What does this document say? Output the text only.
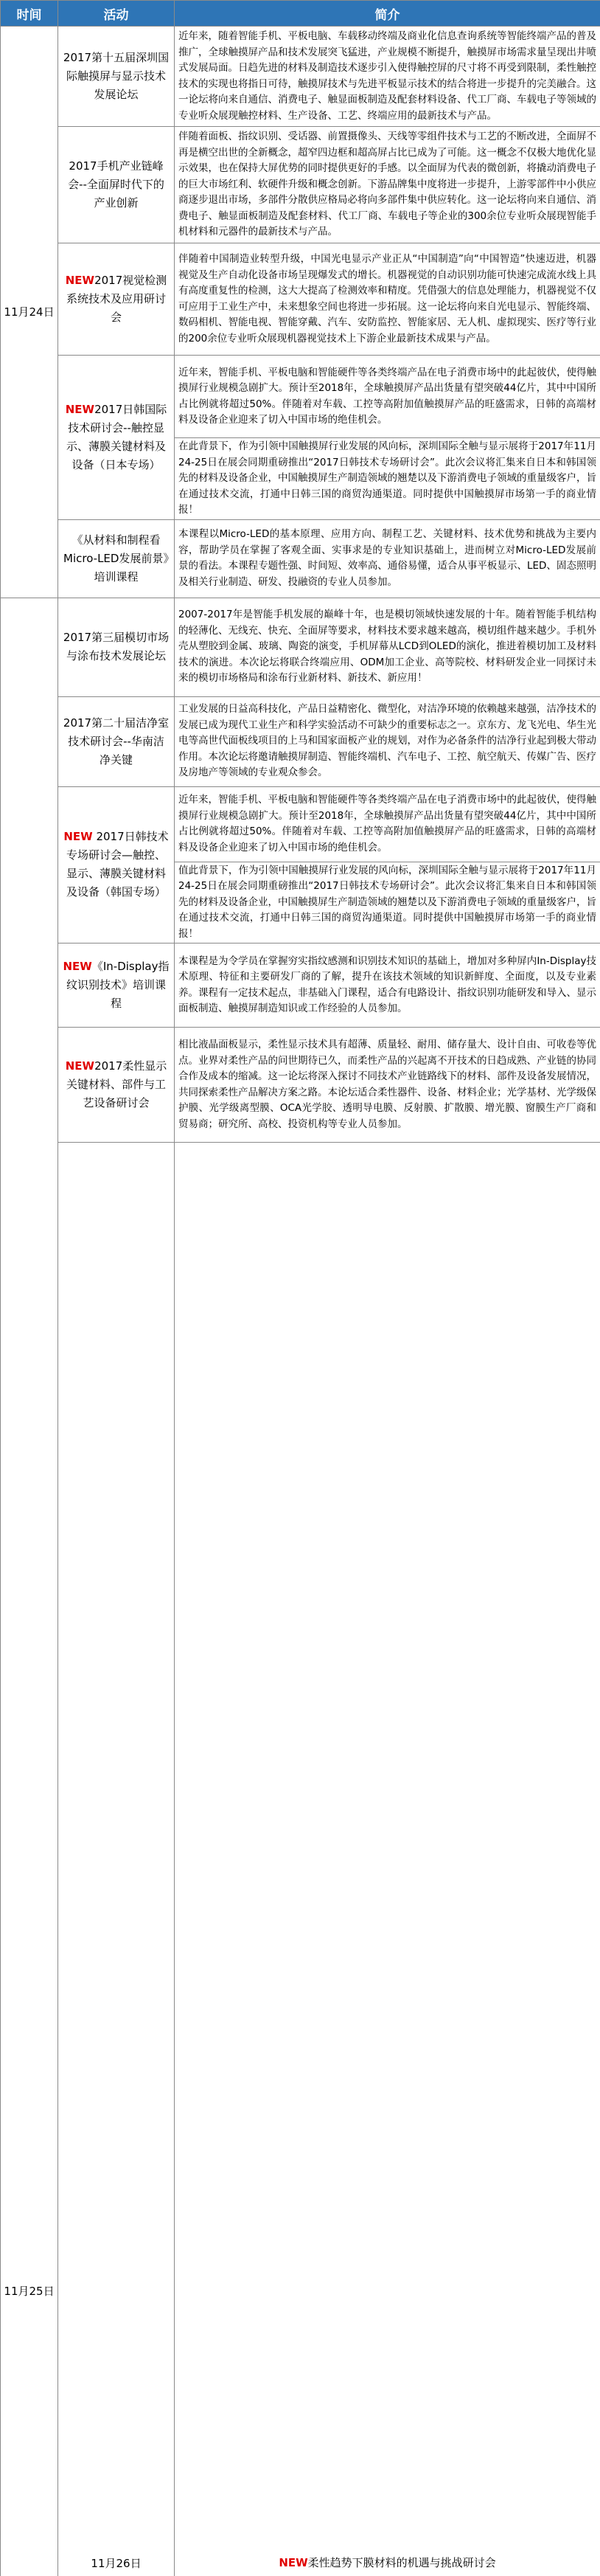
时间	活动	简介	
11月24日	2017第十五届深圳国际触摸屏与显示技术发展论坛	近年来，随着智能手机、平板电脑、车载移动终端及商业化信息查询系统等智能终端产品的普及推广，全球触摸屏产品和技术发展突飞猛进，产业规模不断提升，触摸屏市场需求量呈现出井喷式发展局面。日趋先进的材料及制造技术逐步引入使得触控屏的尺寸将不再受到限制，柔性触控技术的实现也将指日可待，触摸屏技术与先进平板显示技术的结合将进一步提升的完美融合。这一论坛将向来自通信、消费电子、触显面板制造及配套材料设备、代工厂商、车载电子等领域的专业听众展现触控材料、生产设备、工艺、终端应用的最新技术与产品。	

	2017手机产业链峰会--全面屏时代下的产业创新	伴随着面板、指纹识别、受话器、前置摄像头、天线等零组件技术与工艺的不断改进，全面屏不再是横空出世的全新概念，超窄四边框和超高屏占比已成为了可能。这一概念不仅极大地优化显示效果，也在保持大屏优势的同时提供更好的手感。以全面屏为代表的微创新，将撬动消费电子的巨大市场红利、软硬件升级和概念创新。下游品牌集中度将进一步提升，上游零部件中小供应商逐步退出市场，多部件分散供应格局必将向多部件集中供应转化。这一论坛将向来自通信、消费电子、触显面板制造及配套材料、代工厂商、车载电子等企业的300余位专业听众展现智能手机材料和元器件的最新技术与产品。	

	NEW2017视觉检测系统技术及应用研讨会	伴随着中国制造业转型升级，中国光电显示产业正从“中国制造”向“中国智造”快速迈进，机器视觉及生产自动化设备市场呈现爆发式的增长。机器视觉的自动识别功能可快速完成流水线上具有高度重复性的检测，这大大提高了检测效率和精度。凭借强大的信息处理能力，机器视觉不仅可应用于工业生产中，未来想象空间也将进一步拓展。这一论坛将向来自光电显示、智能终端、数码相机、智能电视、智能穿戴、汽车、安防监控、智能家居、无人机、虚拟现实、医疗等行业的200余位专业听众展现机器视觉技术上下游企业最新技术成果与产品。	

	NEW2017日韩国际技术研讨会--触控显示、薄膜关键材料及设备（日本专场）	近年来，智能手机、平板电脑和智能硬件等各类终端产品在电子消费市场中的此起彼伏，使得触摸屏行业规模急剧扩大。预计至2018年，全球触摸屏产品出货量有望突破44亿片，其中中国所占比例就将超过50%。伴随着对车载、工控等高附加值触摸屏产品的旺盛需求，日韩的高端材料及设备企业迎来了切入中国市场的绝佳机会。	

		在此背景下，作为引领中国触摸屏行业发展的风向标，深圳国际全触与显示展将于2017年11月24-25日在展会同期重磅推出“2017日韩技术专场研讨会”。此次会议将汇集来自日本和韩国领先的材料及设备企业，中国触摸屏生产制造领域的翘楚以及下游消费电子领域的重量级客户，旨在通过技术交流，打通中日韩三国的商贸沟通渠道。同时提供中国触摸屏市场第一手的商业情报！	

	《从材料和制程看Micro-LED发展前景》培训课程	本课程以Micro-LED的基本原理、应用方向、制程工艺、关键材料、技术优势和挑战为主要内容，帮助学员在掌握了客观全面、实事求是的专业知识基础上，进而树立对Micro-LED发展前景的看法。本课程专题性强、时间短、效率高、通俗易懂，适合从事平板显示、LED、固态照明及相关行业制造、研发、投融资的专业人员参加。	

11月25日	2017第三届模切市场与涂布技术发展论坛	2007-2017年是智能手机发展的巅峰十年，也是模切领域快速发展的十年。随着智能手机结构的轻薄化、无线充、快充、全面屏等要求，材料技术要求越来越高，模切组件越来越少。手机外壳从塑胶到金属、玻璃、陶瓷的演变，手机屏幕从LCD到OLED的演化，推进着模切加工及材料技术的演进。本次论坛将联合终端应用、ODM加工企业、高等院校、材料研发企业一同探讨未来的模切市场格局和涂布行业新材料、新技术、新应用！	

	2017第二十届洁净室技术研讨会--华南洁净关键	工业发展的日益高科技化，产品日益精密化、微型化，对洁净环境的依赖越来越强，洁净技术的发展已成为现代工业生产和科学实验活动不可缺少的重要标志之一。京东方、龙飞光电、华生光电等高世代面板线项目的上马和国家面板产业的规划，对作为必备条件的洁净行业起到极大带动作用。本次论坛将邀请触摸屏制造、智能终端机、汽车电子、工控、航空航天、传媒广告、医疗及房地产等领域的专业观众参会。	

	NEW 2017日韩技术专场研讨会—触控、显示、薄膜关键材料及设备（韩国专场）	近年来，智能手机、平板电脑和智能硬件等各类终端产品在电子消费市场中的此起彼伏，使得触摸屏行业规模急剧扩大。预计至2018年，全球触摸屏产品出货量有望突破44亿片，其中中国所占比例就将超过50%。伴随着对车载、工控等高附加值触摸屏产品的旺盛需求，日韩的高端材料及设备企业迎来了切入中国市场的绝佳机会。	

		值此背景下，作为引领中国触摸屏行业发展的风向标，深圳国际全触与显示展将于2017年11月24-25日在展会同期重磅推出“2017日韩技术专场研讨会”。此次会议将汇集来自日本和韩国领先的材料及设备企业，中国触摸屏生产制造领域的翘楚以及下游消费电子领域的重量级客户，旨在通过技术交流，打通中日韩三国的商贸沟通渠道。同时提供中国触摸屏市场第一手的商业情报！	

	NEW《In-Display指纹识别技术》培训课程	本课程是为令学员在掌握穷实指纹感测和识别技术知识的基础上，增加对多种屏内In-Display技术原理、特征和主要研发厂商的了解，提升在该技术领域的知识新鲜度、全面度，以及专业素养。课程有一定技术起点，非基础入门课程，适合有电路设计、指纹识别功能研发和导入、显示面板制造、触摸屏制造知识或工作经验的人员参加。	

	NEW2017柔性显示关键材料、部件与工艺设备研讨会	相比液晶面板显示，柔性显示技术具有超薄、质量轻、耐用、储存量大、设计自由、可收卷等优点。业界对柔性产品的问世期待已久，而柔性产品的兴起离不开技术的日趋成熟、产业链的协同合作及成本的缩减。这一论坛将深入探讨不同技术产业链路线下的材料、部件及设备发展情况，共同探索柔性产品解决方案之路。本论坛适合柔性器件、设备、材料企业；光学基材、光学级保护膜、光学级离型膜、OCA光学胶、透明导电膜、反射膜、扩散膜、增光膜、窗膜生产厂商和贸易商；研究所、高校、投资机构等专业人员参加。	

	11月26日	NEW柔性趋势下膜材料的机遇与挑战研讨会	
